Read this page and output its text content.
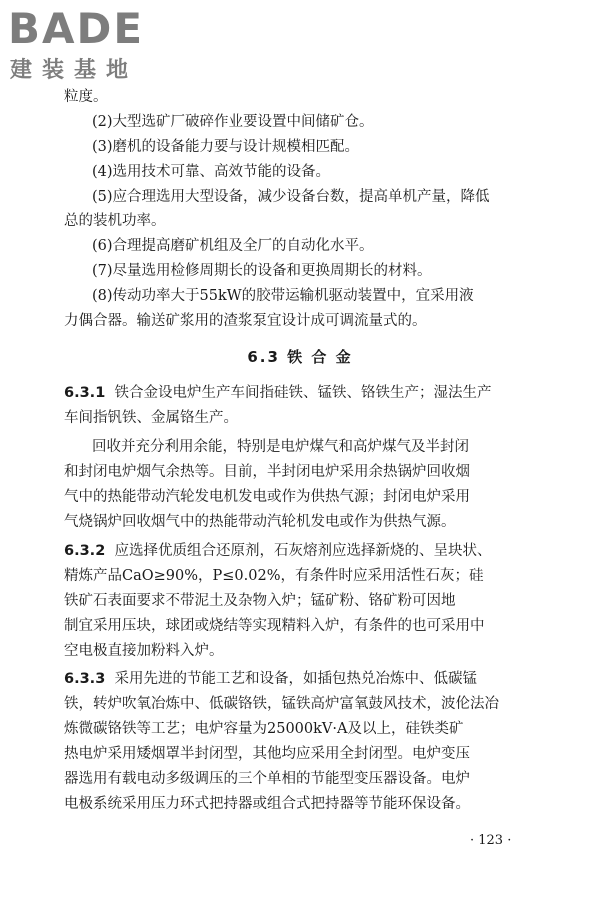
BADE
建装基地
粒度。
(2)大型选矿厂破碎作业要设置中间储矿仓。
(3)磨机的设备能力要与设计规模相匹配。
(4)选用技术可靠、高效节能的设备。
(5)应合理选用大型设备，减少设备台数，提高单机产量，降低
总的装机功率。
(6)合理提高磨矿机组及全厂的自动化水平。
(7)尽量选用检修周期长的设备和更换周期长的材料。
(8)传动功率大于55kW的胶带运输机驱动装置中，宜采用液
力偶合器。输送矿浆用的渣浆泵宜设计成可调流量式的。
6.3 铁 合 金
6.3.1 铁合金设电炉生产车间指硅铁、锰铁、铬铁生产；湿法生产
车间指钒铁、金属铬生产。
回收并充分利用余能，特别是电炉煤气和高炉煤气及半封闭
和封闭电炉烟气余热等。目前，半封闭电炉采用余热锅炉回收烟
气中的热能带动汽轮发电机发电或作为供热气源；封闭电炉采用
气烧锅炉回收烟气中的热能带动汽轮机发电或作为供热气源。
6.3.2 应选择优质组合还原剂，石灰熔剂应选择新烧的、呈块状、
精炼产品CaO≥90%，P≤0.02%，有条件时应采用活性石灰；硅
铁矿石表面要求不带泥土及杂物入炉；锰矿粉、铬矿粉可因地
制宜采用压块，球团或烧结等实现精料入炉，有条件的也可采用中
空电极直接加粉料入炉。
6.3.3 采用先进的节能工艺和设备，如插包热兑冶炼中、低碳锰
铁，转炉吹氧冶炼中、低碳铬铁，锰铁高炉富氧鼓风技术，波伦法冶
炼微碳铬铁等工艺；电炉容量为25000kV·A及以上，硅铁类矿
热电炉采用矮烟罩半封闭型，其他均应采用全封闭型。电炉变压
器选用有载电动多级调压的三个单相的节能型变压器设备。电炉
电极系统采用压力环式把持器或组合式把持器等节能环保设备。
· 123 ·
